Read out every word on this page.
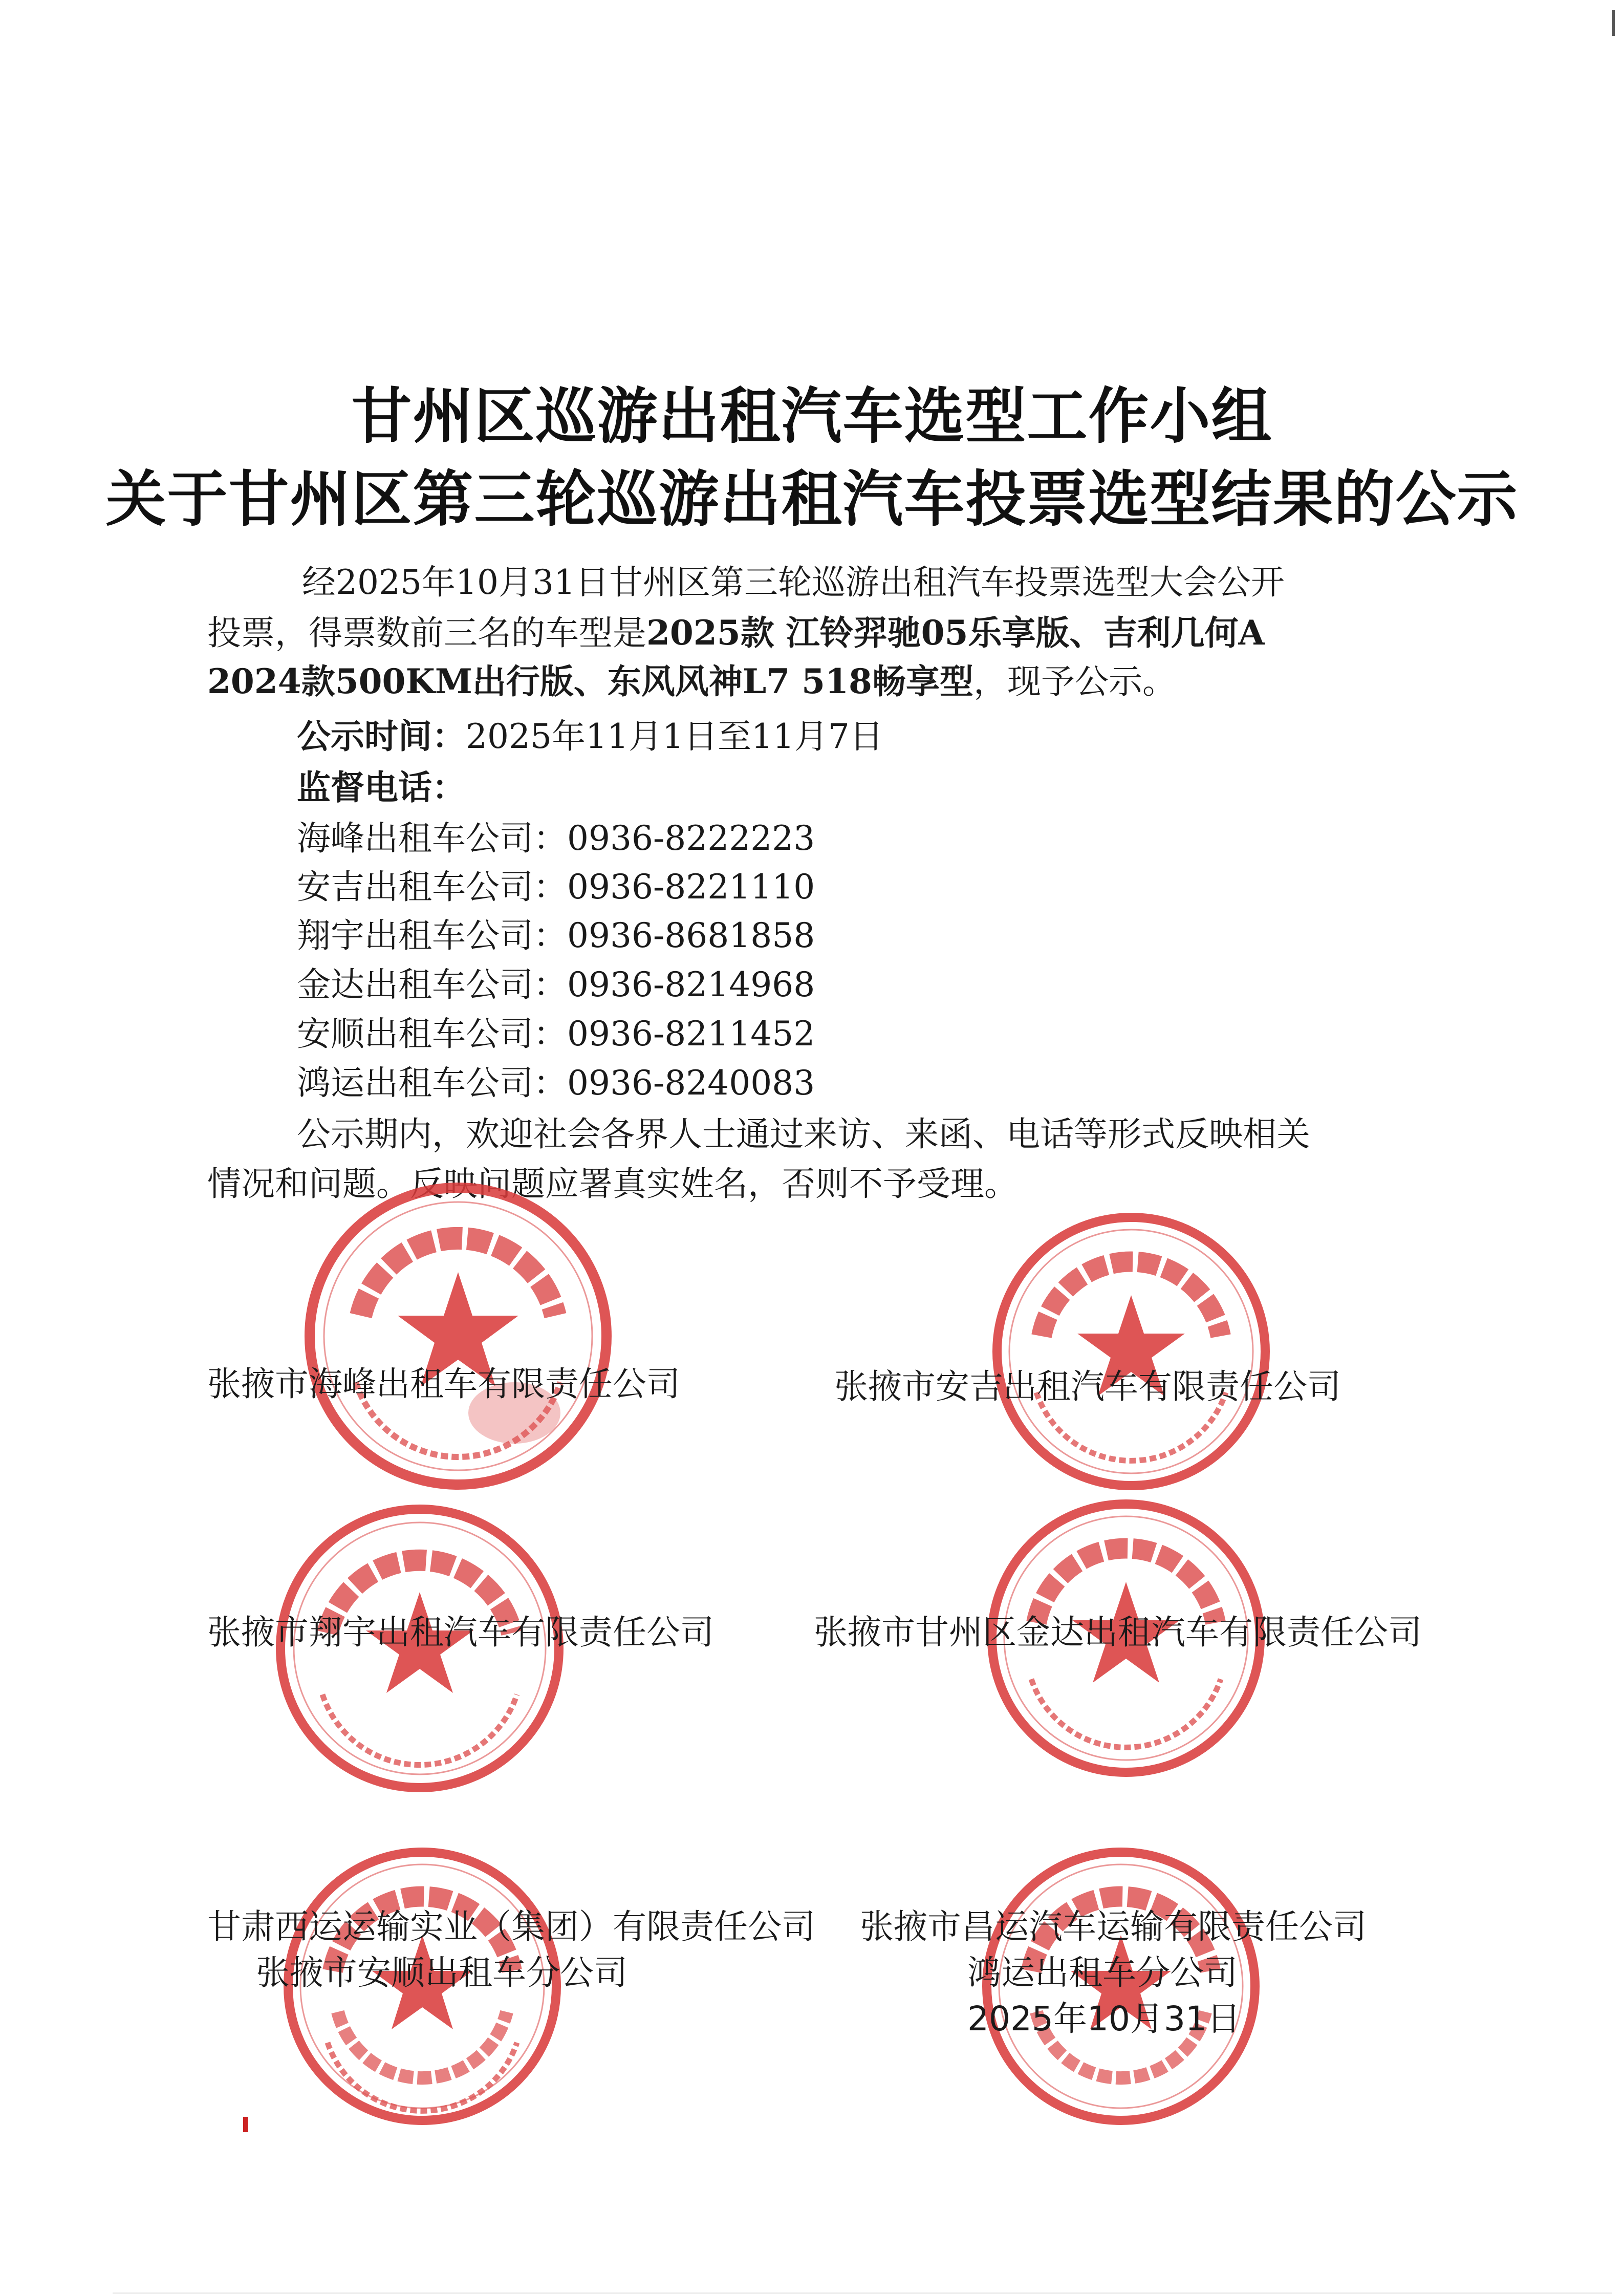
甘州区巡游出租汽车选型工作小组
关于甘州区第三轮巡游出租汽车投票选型结果的公示
经2025年10月31日甘州区第三轮巡游出租汽车投票选型大会公开
投票，得票数前三名的车型是2025款 江铃羿驰05乐享版、吉利几何A
2024款500KM出行版、东风风神L7 518畅享型，现予公示。
公示时间：2025年11月1日至11月7日
监督电话：
海峰出租车公司：0936-8222223
安吉出租车公司：0936-8221110
翔宇出租车公司：0936-8681858
金达出租车公司：0936-8214968
安顺出租车公司：0936-8211452
鸿运出租车公司：0936-8240083
公示期内，欢迎社会各界人士通过来访、来函、电话等形式反映相关
情况和问题。反映问题应署真实姓名，否则不予受理。
张掖市海峰出租车有限责任公司	张掖市安吉出租汽车有限责任公司
张掖市翔宇出租汽车有限责任公司	张掖市甘州区金达出租汽车有限责任公司
甘肃西运运输实业（集团）有限责任公司
张掖市安顺出租车分公司
张掖市昌运汽车运输有限责任公司
鸿运出租车分公司
2025年10月31日
